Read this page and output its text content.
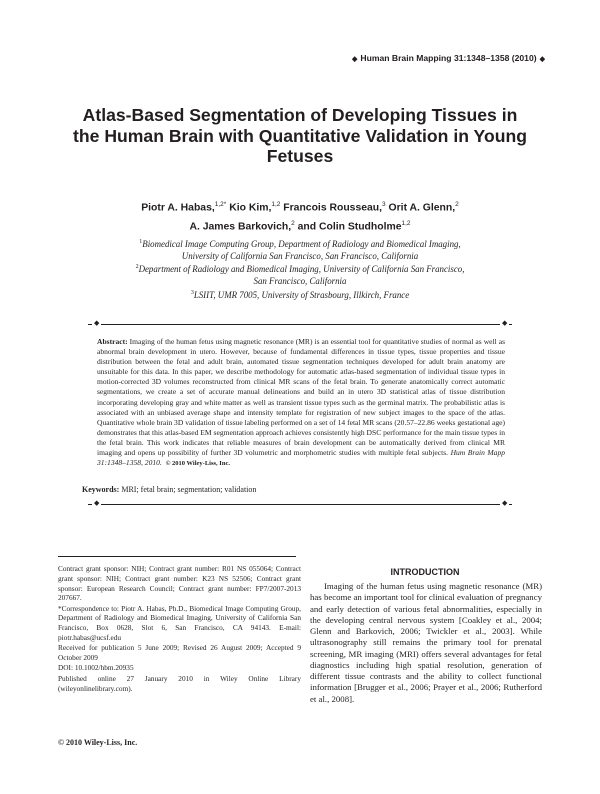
◆ Human Brain Mapping 31:1348–1358 (2010) ◆
Atlas-Based Segmentation of Developing Tissues in the Human Brain with Quantitative Validation in Young Fetuses
Piotr A. Habas,$^{1,2*}$ Kio Kim,$^{1,2}$ Francois Rousseau,$^3$ Orit A. Glenn,$^2$
A. James Barkovich,$^2$ and Colin Studholme$^{1,2}$
$^1$Biomedical Image Computing Group, Department of Radiology and Biomedical Imaging,
University of California San Francisco, San Francisco, California
$^2$Department of Radiology and Biomedical Imaging, University of California San Francisco,
San Francisco, California
$^3$LSIIT, UMR 7005, University of Strasbourg, Illkirch, France
◆	◆
Abstract: Imaging of the human fetus using magnetic resonance (MR) is an essential tool for quantitative studies of normal as well as abnormal brain development in utero. However, because of fundamental differences in tissue types, tissue properties and tissue distribution between the fetal and adult brain, automated tissue segmentation techniques developed for adult brain anatomy are unsuitable for this data. In this paper, we describe methodology for automatic atlas-based segmentation of individual tissue types in motion-corrected 3D volumes reconstructed from clinical MR scans of the fetal brain. To generate anatomically correct automatic segmentations, we create a set of accurate manual delineations and build an in utero 3D statistical atlas of tissue distribution incorporating developing gray and white matter as well as transient tissue types such as the germinal matrix. The probabilistic atlas is associated with an unbiased average shape and intensity template for registration of new subject images to the space of the atlas. Quantitative whole brain 3D validation of tissue labeling performed on a set of 14 fetal MR scans (20.57–22.86 weeks gestational age) demonstrates that this atlas-based EM segmentation approach achieves consistently high DSC performance for the main tissue types in the fetal brain. This work indicates that reliable measures of brain development can be automatically derived from clinical MR imaging and opens up possibility of further 3D volumetric and morphometric studies with multiple fetal subjects. Hum Brain Mapp 31:1348–1358, 2010. © 2010 Wiley-Liss, Inc.
Keywords: MRI; fetal brain; segmentation; validation
◆	◆

Contract grant sponsor: NIH; Contract grant number: R01 NS 055064; Contract grant sponsor: NIH; Contract grant number: K23 NS 52506; Contract grant sponsor: European Research Council; Contract grant number: FP7/2007-2013 207667.

*Correspondence to: Piotr A. Habas, Ph.D., Biomedical Image Computing Group, Department of Radiology and Biomedical Imaging, University of California San Francisco, Box 0628, Slot 6, San Francisco, CA 94143. E-mail: piotr.habas@ucsf.edu

Received for publication 5 June 2009; Revised 26 August 2009; Accepted 9 October 2009

DOI: 10.1002/hbm.20935

Published online 27 January 2010 in Wiley Online Library (wileyonlinelibrary.com).

© 2010 Wiley-Liss, Inc.
INTRODUCTION
Imaging of the human fetus using magnetic resonance (MR) has become an important tool for clinical evaluation of pregnancy and early detection of various fetal abnormalities, especially in the developing central nervous system [Coakley et al., 2004; Glenn and Barkovich, 2006; Twickler et al., 2003]. While ultrasonography still remains the primary tool for prenatal screening, MR imaging (MRI) offers several advantages for fetal diagnostics including high spatial resolution, generation of different tissue contrasts and the ability to collect functional information [Brugger et al., 2006; Prayer et al., 2006; Rutherford et al., 2008].
